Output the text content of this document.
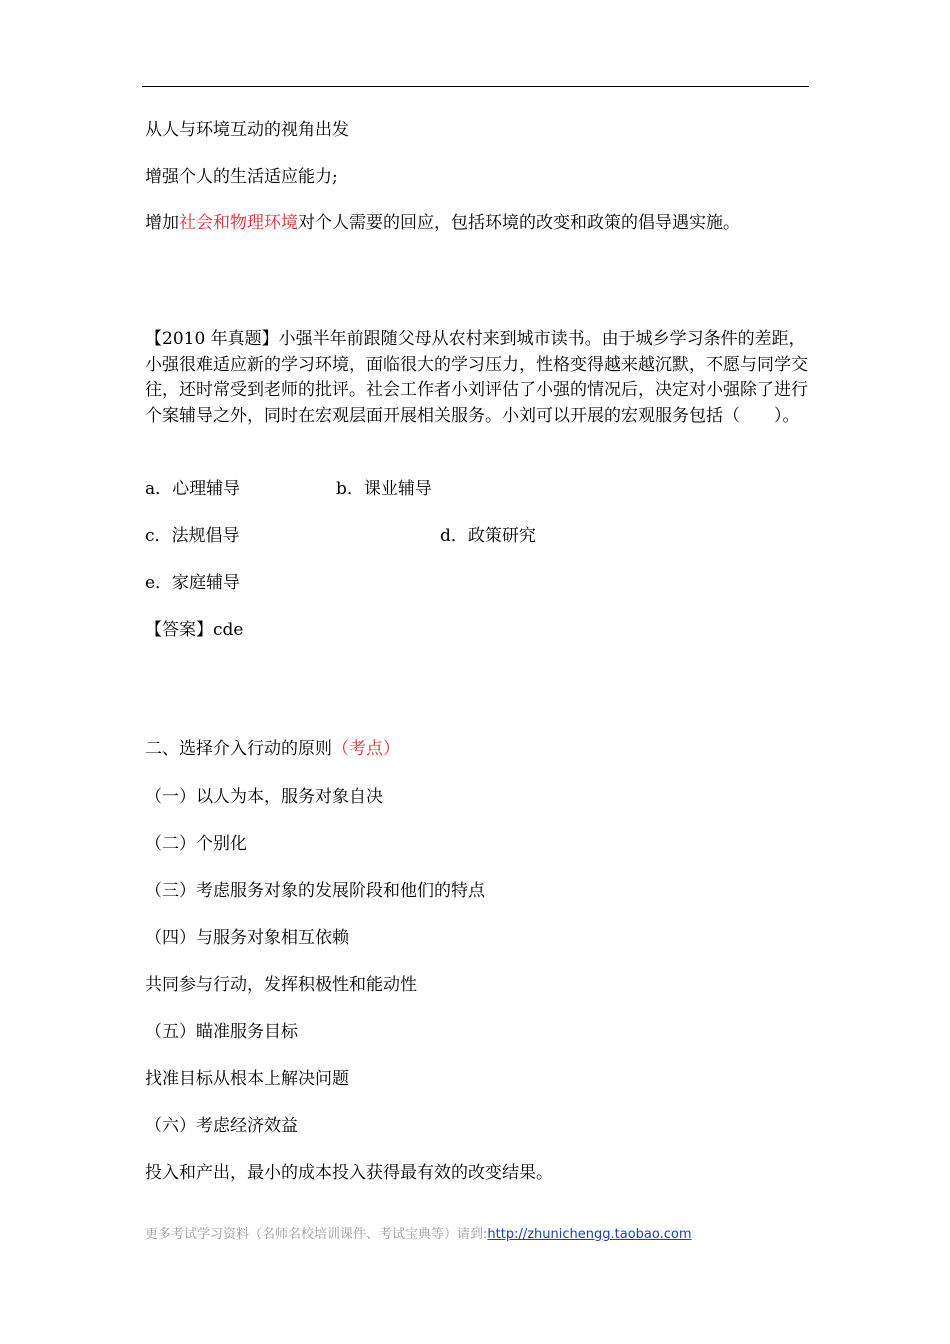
从人与环境互动的视角出发
增强个人的生活适应能力;
增加社会和物理环境对个人需要的回应，包括环境的改变和政策的倡导遇实施。
【2010 年真题】小强半年前跟随父母从农村来到城市读书。由于城乡学习条件的差距，小强很难适应新的学习环境，面临很大的学习压力，性格变得越来越沉默，不愿与同学交往，还时常受到老师的批评。社会工作者小刘评估了小强的情况后，决定对小强除了进行个案辅导之外，同时在宏观层面开展相关服务。小刘可以开展的宏观服务包括（　　）。
a．心理辅导	b．课业辅导
c．法规倡导	d．政策研究
e．家庭辅导
【答案】cde
二、选择介入行动的原则（考点）
（一）以人为本，服务对象自决
（二）个别化
（三）考虑服务对象的发展阶段和他们的特点
（四）与服务对象相互依赖
共同参与行动，发挥积极性和能动性
（五）瞄准服务目标
找准目标从根本上解决问题
（六）考虑经济效益
投入和产出，最小的成本投入获得最有效的改变结果。
更多考试学习资料（名师名校培训课件、考试宝典等）请到:http://zhunichengg.taobao.com
